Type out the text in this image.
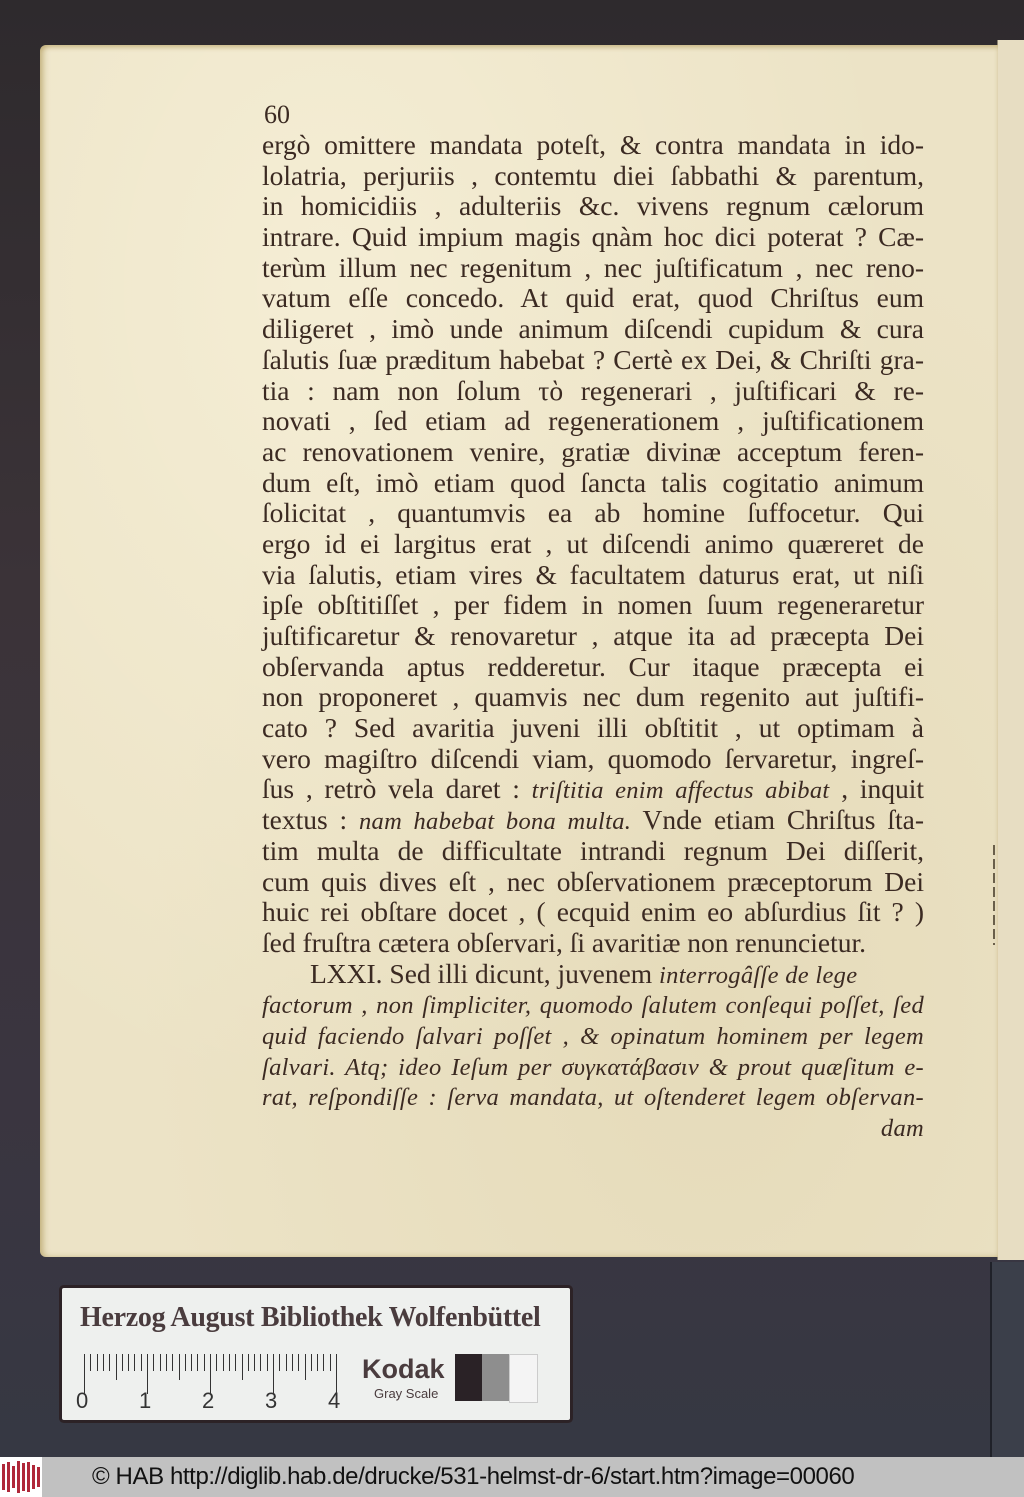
60
ergò omittere mandata poteſt, & contra mandata in ido-
lolatria, perjuriis , contemtu diei ſabbathi & parentum,
in homicidiis , adulteriis &c. vivens regnum cælorum
intrare. Quid impium magis qnàm hoc dici poterat ? Cæ-
terùm illum nec regenitum , nec juſtificatum , nec reno-
vatum eſſe concedo. At quid erat, quod Chriſtus eum
diligeret , imò unde animum diſcendi cupidum & cura
ſalutis ſuæ præditum habebat ? Certè ex Dei, & Chriſti gra-
tia : nam non ſolum τὸ regenerari , juſtificari & re-
novati , ſed etiam ad regenerationem , juſtificationem
ac renovationem venire, gratiæ divinæ acceptum feren-
dum eſt, imò etiam quod ſancta talis cogitatio animum
ſolicitat , quantumvis ea ab homine ſuffocetur. Qui
ergo id ei largitus erat , ut diſcendi animo quæreret de
via ſalutis, etiam vires & facultatem daturus erat, ut niſi
ipſe obſtitiſſet , per fidem in nomen ſuum regeneraretur
juſtificaretur & renovaretur , atque ita ad præcepta Dei
obſervanda aptus redderetur. Cur itaque præcepta ei
non proponeret , quamvis nec dum regenito aut juſtifi-
cato ? Sed avaritia juveni illi obſtitit , ut optimam à
vero magiſtro diſcendi viam, quomodo ſervaretur, ingreſ-
ſus , retrò vela daret : triſtitia enim affectus abibat , inquit
textus : nam habebat bona multa. Vnde etiam Chriſtus ſta-
tim multa de difficultate intrandi regnum Dei diſſerit,
cum quis dives eſt , nec obſervationem præceptorum Dei
huic rei obſtare docet , ( ecquid enim eo abſurdius ſit ? )
ſed fruſtra cætera obſervari, ſi avaritiæ non renuncietur.
LXXI. Sed illi dicunt, juvenem interrogâſſe de lege
factorum , non ſimpliciter, quomodo ſalutem conſequi poſſet, ſed
quid faciendo ſalvari poſſet , & opinatum hominem per legem
ſalvari. Atq; ideo Ieſum per συγκατάβασιν & prout quæſitum e-
rat, reſpondiſſe : ſerva mandata, ut oſtenderet legem obſervan-
dam
Herzog August Bibliothek Wolfenbüttel
0 1 2 3 4
Kodak
Gray Scale
© HAB http://diglib.hab.de/drucke/531-helmst-dr-6/start.htm?image=00060
